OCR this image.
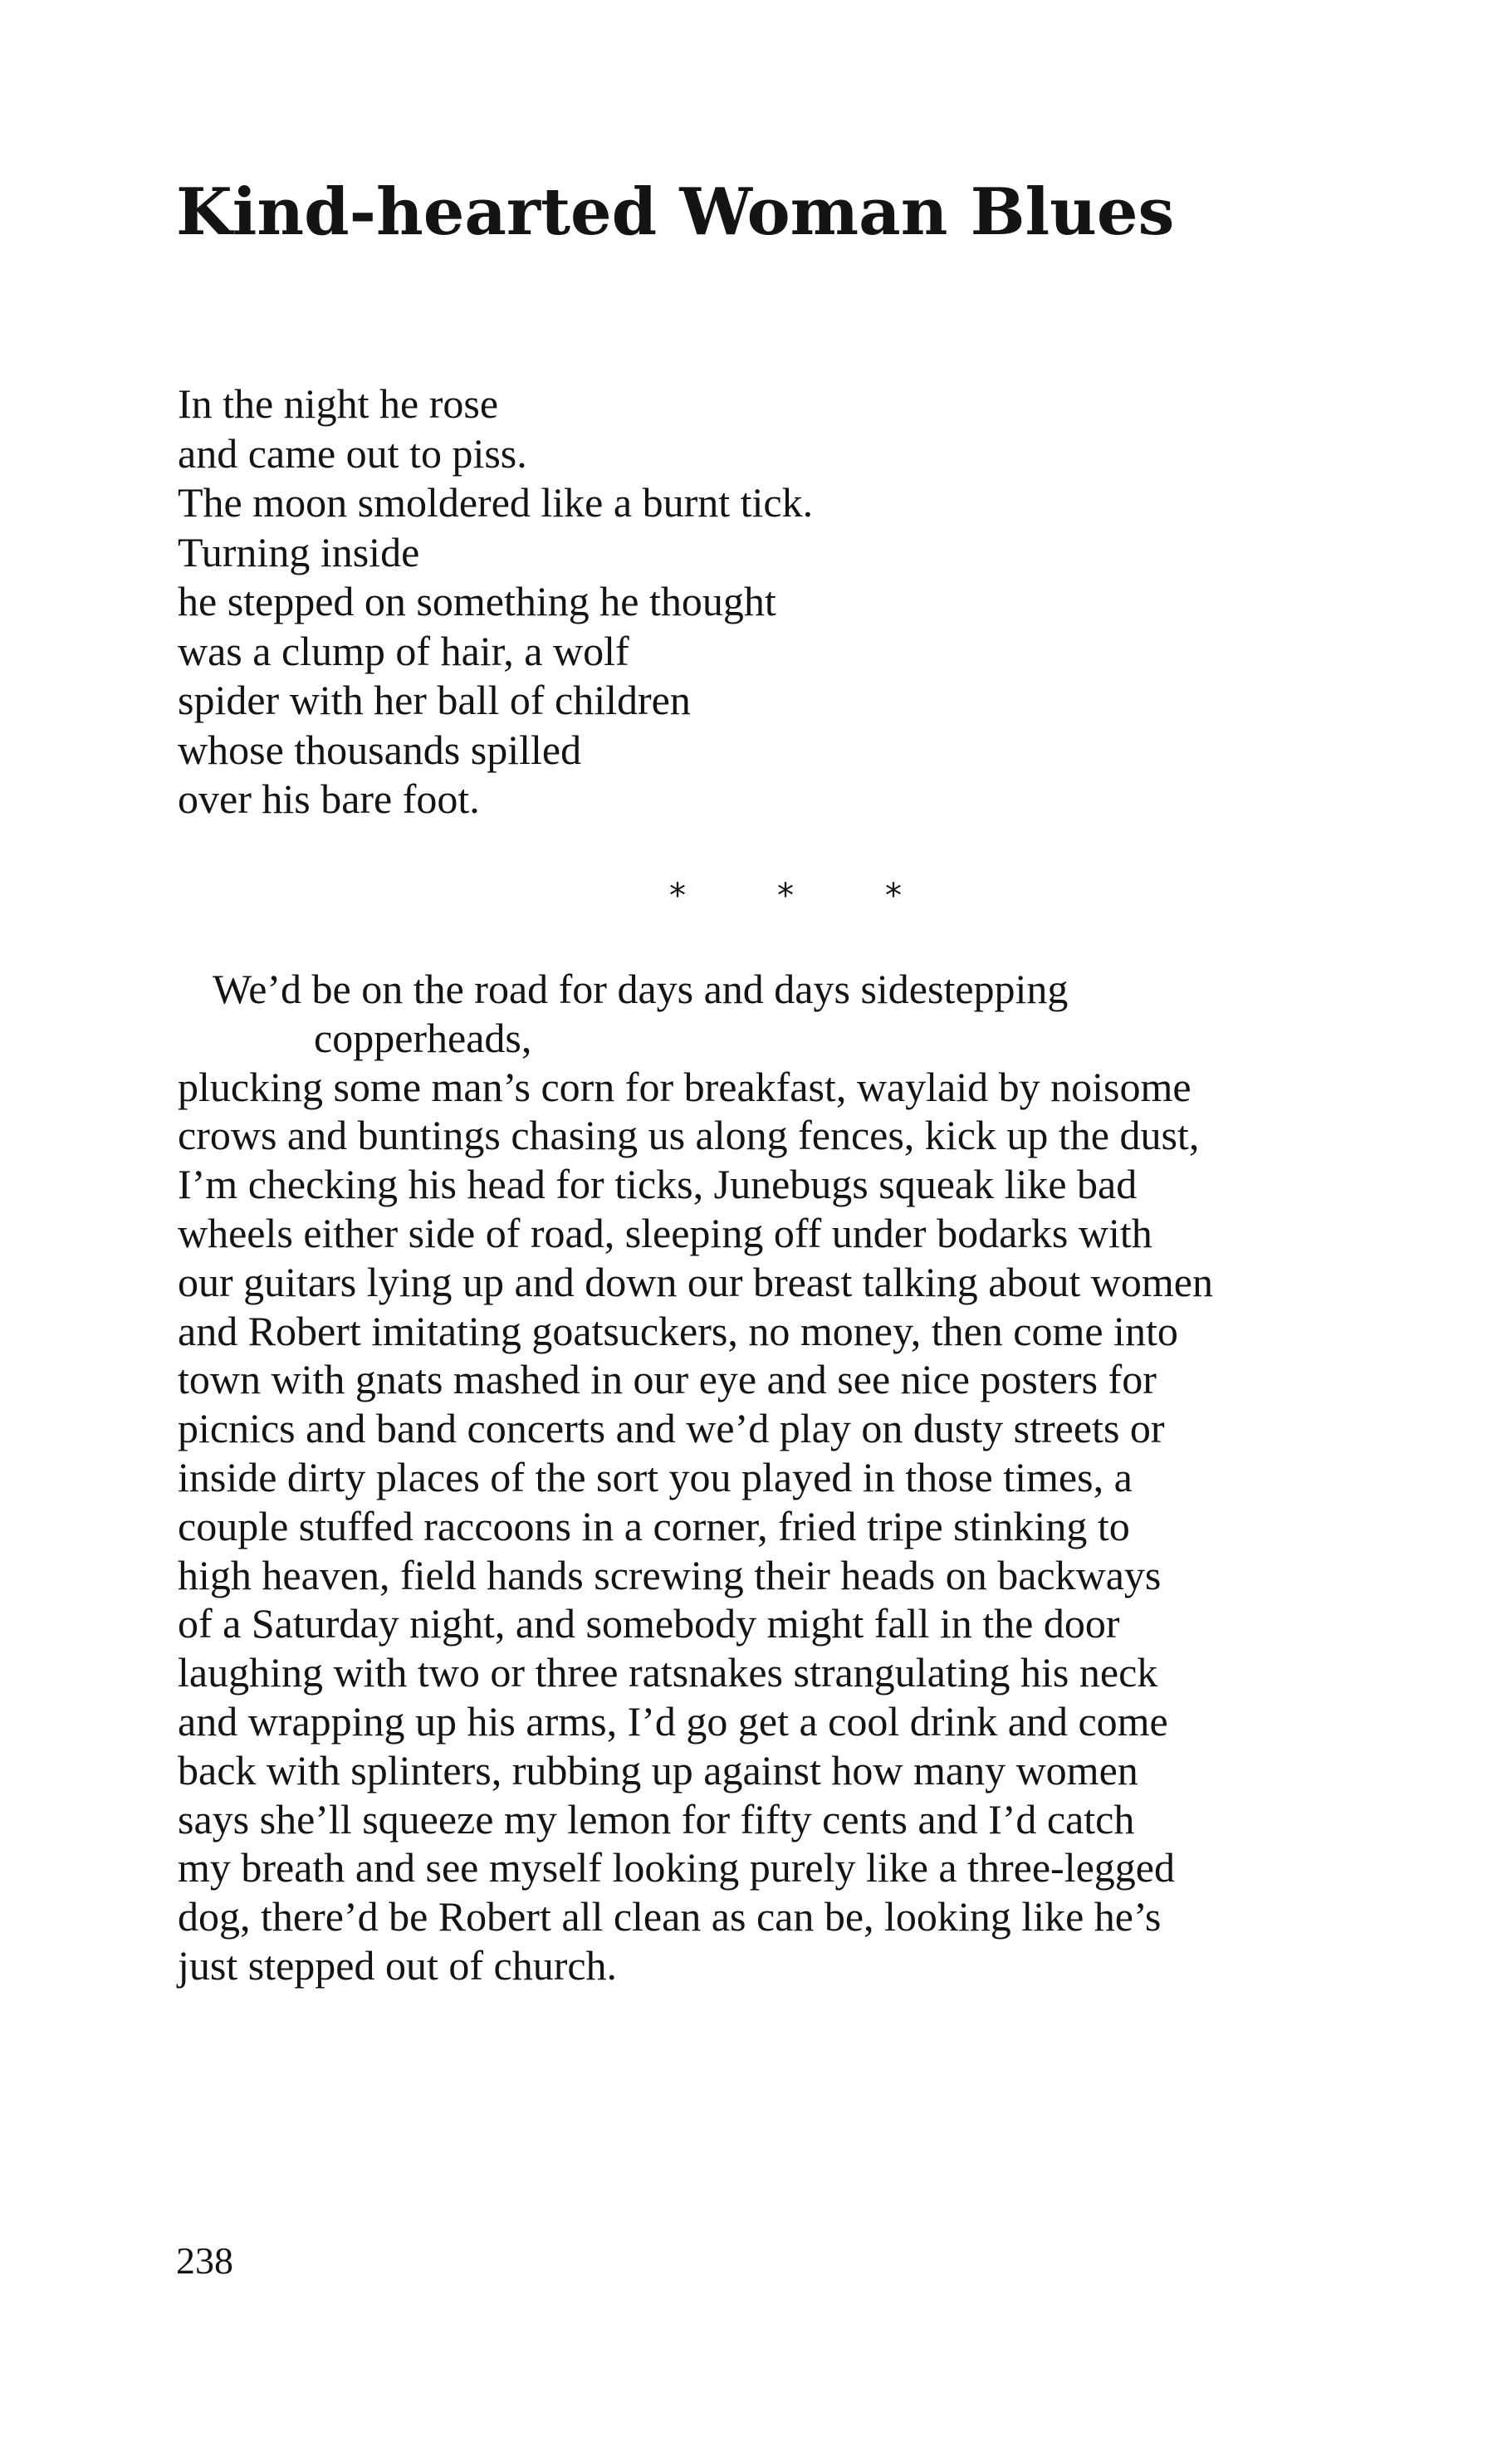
Kind-hearted Woman Blues
In the night he rose
and came out to piss.
The moon smoldered like a burnt tick.
Turning inside
he stepped on something he thought
was a clump of hair, a wolf
spider with her ball of children
whose thousands spilled
over his bare foot.
*	*	*
We’d be on the road for days and days sidestepping
copperheads,
plucking some man’s corn for breakfast, waylaid by noisome
crows and buntings chasing us along fences, kick up the dust,
I’m checking his head for ticks, Junebugs squeak like bad
wheels either side of road, sleeping off under bodarks with
our guitars lying up and down our breast talking about women
and Robert imitating goatsuckers, no money, then come into
town with gnats mashed in our eye and see nice posters for
picnics and band concerts and we’d play on dusty streets or
inside dirty places of the sort you played in those times, a
couple stuffed raccoons in a corner, fried tripe stinking to
high heaven, field hands screwing their heads on backways
of a Saturday night, and somebody might fall in the door
laughing with two or three ratsnakes strangulating his neck
and wrapping up his arms, I’d go get a cool drink and come
back with splinters, rubbing up against how many women
says she’ll squeeze my lemon for fifty cents and I’d catch
my breath and see myself looking purely like a three-legged
dog, there’d be Robert all clean as can be, looking like he’s
just stepped out of church.
238
